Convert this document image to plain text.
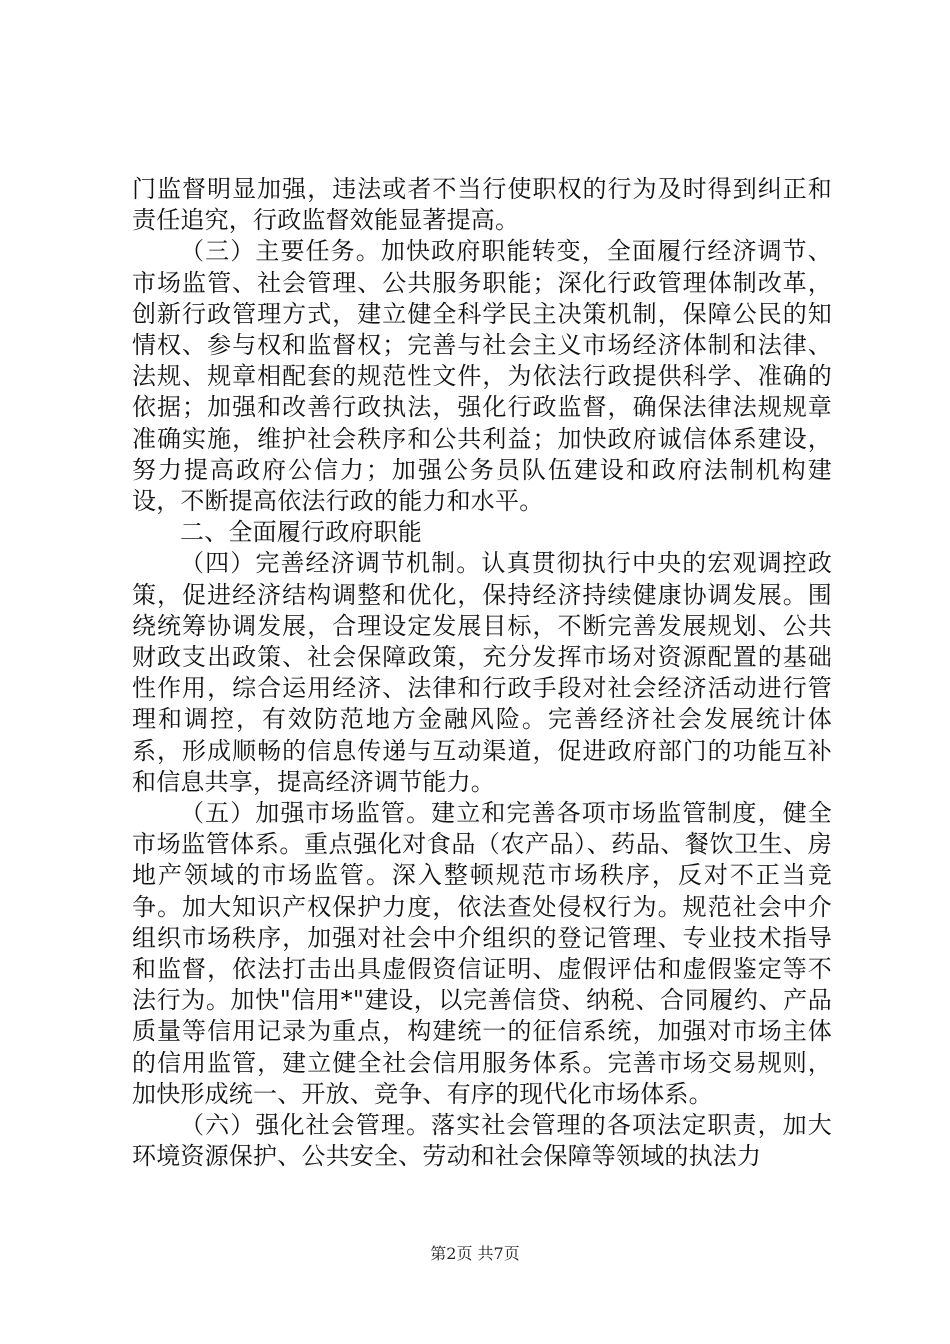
门监督明显加强，违法或者不当行使职权的行为及时得到纠正和责任追究，行政监督效能显著提高。

（三）主要任务。加快政府职能转变，全面履行经济调节、市场监管、社会管理、公共服务职能；深化行政管理体制改革，创新行政管理方式，建立健全科学民主决策机制，保障公民的知情权、参与权和监督权；完善与社会主义市场经济体制和法律、法规、规章相配套的规范性文件，为依法行政提供科学、准确的依据；加强和改善行政执法，强化行政监督，确保法律法规规章准确实施，维护社会秩序和公共利益；加快政府诚信体系建设，努力提高政府公信力；加强公务员队伍建设和政府法制机构建设，不断提高依法行政的能力和水平。

二、全面履行政府职能

（四）完善经济调节机制。认真贯彻执行中央的宏观调控政策，促进经济结构调整和优化，保持经济持续健康协调发展。围绕统筹协调发展，合理设定发展目标，不断完善发展规划、公共财政支出政策、社会保障政策，充分发挥市场对资源配置的基础性作用，综合运用经济、法律和行政手段对社会经济活动进行管理和调控，有效防范地方金融风险。完善经济社会发展统计体系，形成顺畅的信息传递与互动渠道，促进政府部门的功能互补和信息共享，提高经济调节能力。

（五）加强市场监管。建立和完善各项市场监管制度，健全市场监管体系。重点强化对食品（农产品）、药品、餐饮卫生、房地产领域的市场监管。深入整顿规范市场秩序，反对不正当竞争。加大知识产权保护力度，依法查处侵权行为。规范社会中介组织市场秩序，加强对社会中介组织的登记管理、专业技术指导和监督，依法打击出具虚假资信证明、虚假评估和虚假鉴定等不法行为。加快"信用*"建设，以完善信贷、纳税、合同履约、产品质量等信用记录为重点，构建统一的征信系统，加强对市场主体的信用监管，建立健全社会信用服务体系。完善市场交易规则，加快形成统一、开放、竞争、有序的现代化市场体系。

（六）强化社会管理。落实社会管理的各项法定职责，加大环境资源保护、公共安全、劳动和社会保障等领域的执法力

第2页 共7页
